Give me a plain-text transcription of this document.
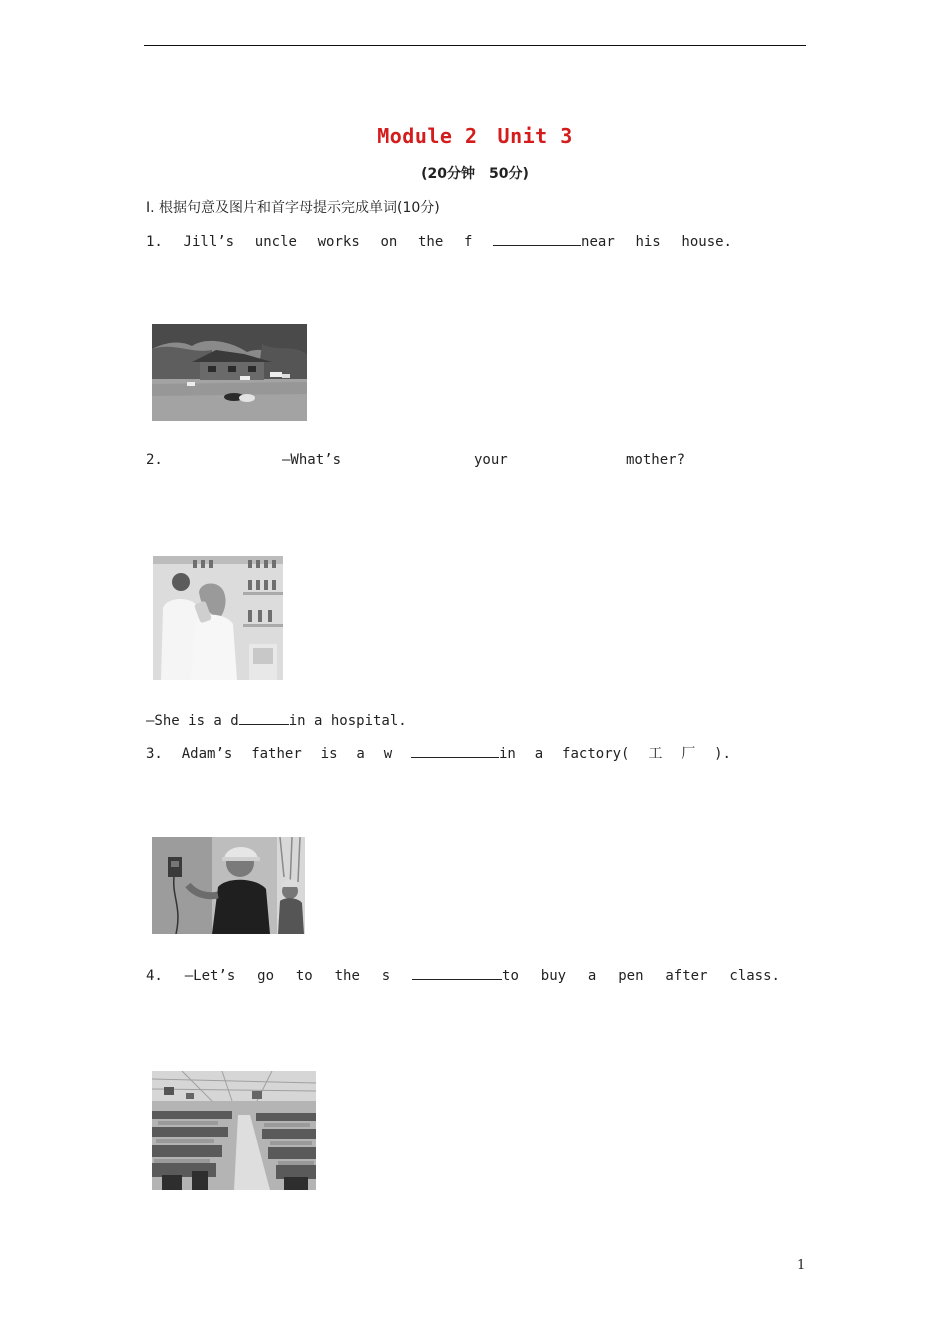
Module 2 Unit 3
(20分钟 50分)
Ⅰ. 根据句意及图片和首字母提示完成单词(10分)
1. Jill’s uncle works on the f	near his house.
2.	—What’s	your	mother?
—She is a d	in a hospital.
3. Adam’s father is a w	in a factory( 工 厂 ).
4. —Let’s go to the s	to buy a pen after class.
1
